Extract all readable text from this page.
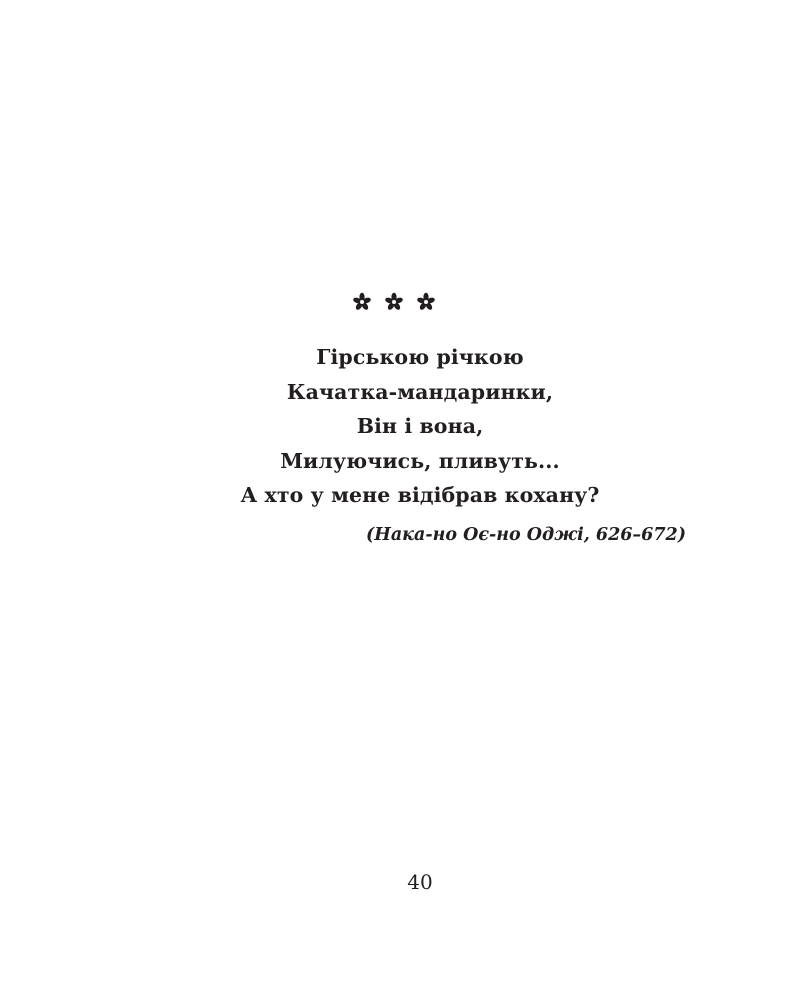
Гірською річкою
Качатка-мандаринки,
Він і вона,
Милуючись, пливуть...
А хто у мене відібрав кохану?
(Нака-но Оє-но Оджі, 626–672)
40
